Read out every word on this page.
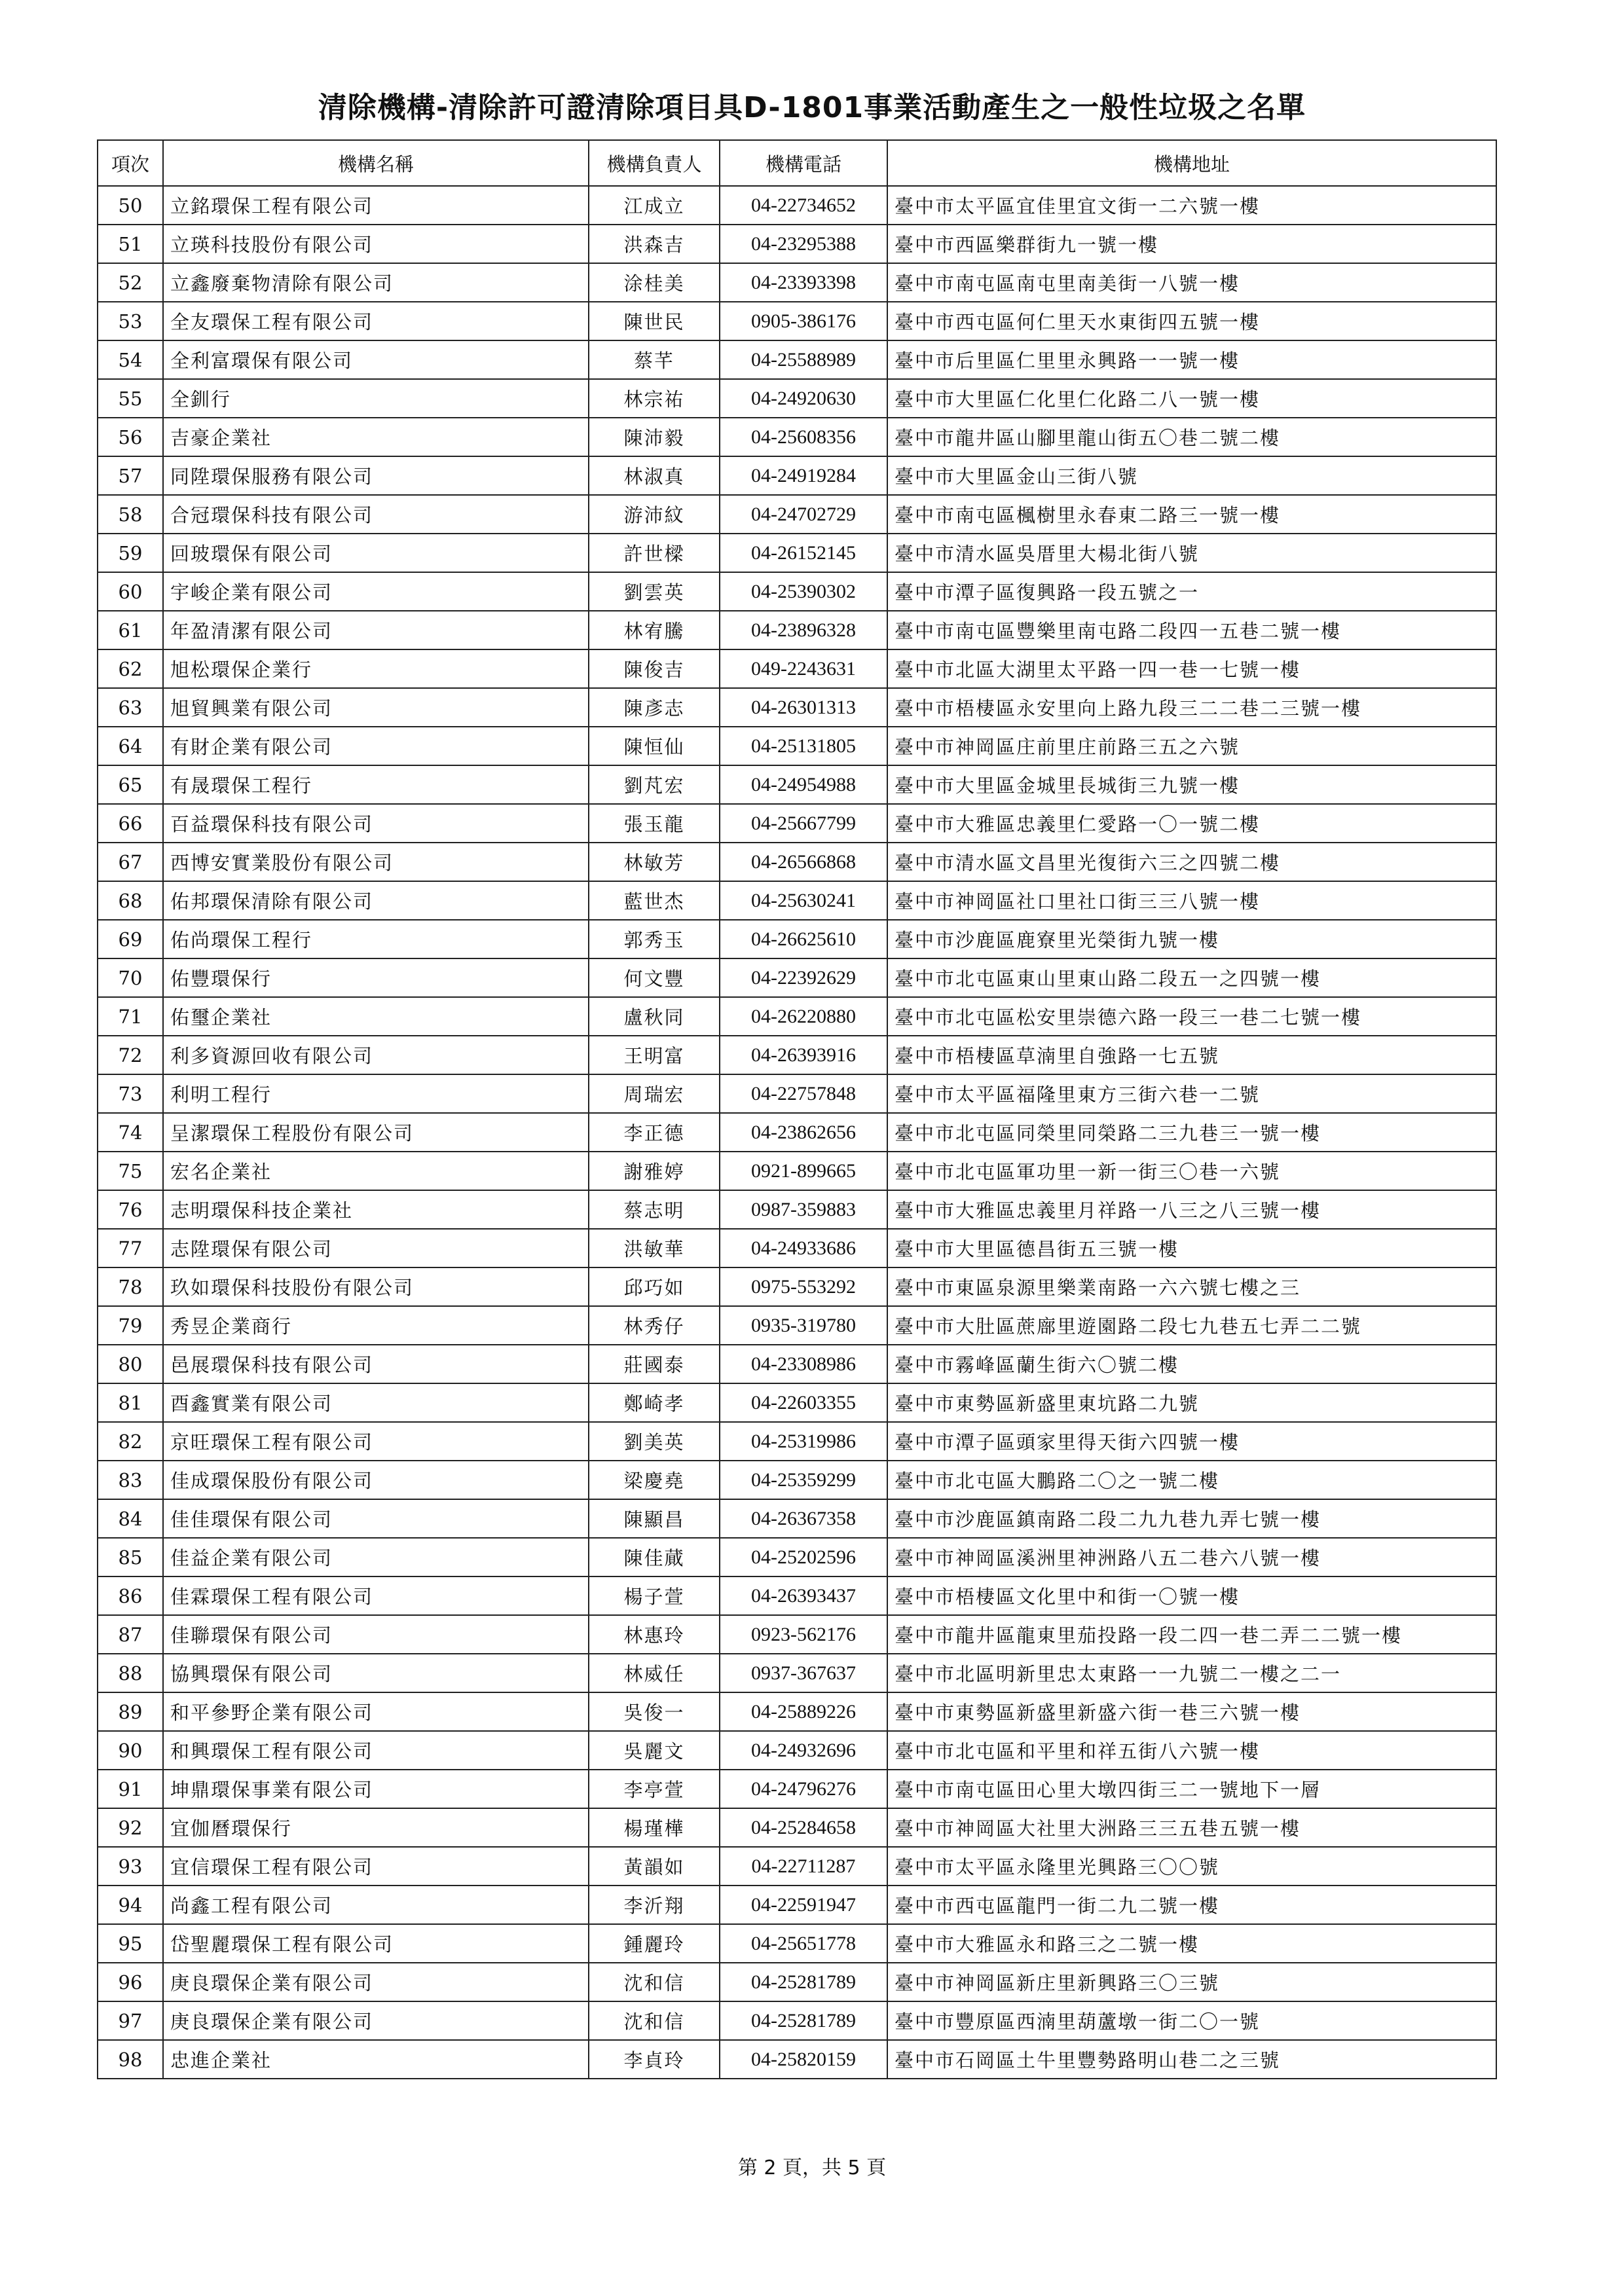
清除機構-清除許可證清除項目具D-1801事業活動產生之一般性垃圾之名單
項次	機構名稱	機構負責人	機構電話	機構地址
50	立銘環保工程有限公司	江成立	04-22734652	臺中市太平區宜佳里宜文街一二六號一樓
51	立瑛科技股份有限公司	洪森吉	04-23295388	臺中市西區樂群街九一號一樓
52	立鑫廢棄物清除有限公司	涂桂美	04-23393398	臺中市南屯區南屯里南美街一八號一樓
53	全友環保工程有限公司	陳世民	0905-386176	臺中市西屯區何仁里天水東街四五號一樓
54	全利富環保有限公司	蔡芊	04-25588989	臺中市后里區仁里里永興路一一號一樓
55	全釧行	林宗祐	04-24920630	臺中市大里區仁化里仁化路二八一號一樓
56	吉豪企業社	陳沛毅	04-25608356	臺中市龍井區山腳里龍山街五〇巷二號二樓
57	同陞環保服務有限公司	林淑真	04-24919284	臺中市大里區金山三街八號
58	合冠環保科技有限公司	游沛紋	04-24702729	臺中市南屯區楓樹里永春東二路三一號一樓
59	回玻環保有限公司	許世樑	04-26152145	臺中市清水區吳厝里大楊北街八號
60	宇峻企業有限公司	劉雲英	04-25390302	臺中市潭子區復興路一段五號之一
61	年盈清潔有限公司	林宥騰	04-23896328	臺中市南屯區豐樂里南屯路二段四一五巷二號一樓
62	旭松環保企業行	陳俊吉	049-2243631	臺中市北區大湖里太平路一四一巷一七號一樓
63	旭貿興業有限公司	陳彥志	04-26301313	臺中市梧棲區永安里向上路九段三二二巷二三號一樓
64	有財企業有限公司	陳恒仙	04-25131805	臺中市神岡區庄前里庄前路三五之六號
65	有晟環保工程行	劉芃宏	04-24954988	臺中市大里區金城里長城街三九號一樓
66	百益環保科技有限公司	張玉龍	04-25667799	臺中市大雅區忠義里仁愛路一〇一號二樓
67	西博安實業股份有限公司	林敏芳	04-26566868	臺中市清水區文昌里光復街六三之四號二樓
68	佑邦環保清除有限公司	藍世杰	04-25630241	臺中市神岡區社口里社口街三三八號一樓
69	佑尚環保工程行	郭秀玉	04-26625610	臺中市沙鹿區鹿寮里光榮街九號一樓
70	佑豐環保行	何文豐	04-22392629	臺中市北屯區東山里東山路二段五一之四號一樓
71	佑璽企業社	盧秋同	04-26220880	臺中市北屯區松安里崇德六路一段三一巷二七號一樓
72	利多資源回收有限公司	王明富	04-26393916	臺中市梧棲區草湳里自強路一七五號
73	利明工程行	周瑞宏	04-22757848	臺中市太平區福隆里東方三街六巷一二號
74	呈潔環保工程股份有限公司	李正德	04-23862656	臺中市北屯區同榮里同榮路二三九巷三一號一樓
75	宏名企業社	謝雅婷	0921-899665	臺中市北屯區軍功里一新一街三〇巷一六號
76	志明環保科技企業社	蔡志明	0987-359883	臺中市大雅區忠義里月祥路一八三之八三號一樓
77	志陞環保有限公司	洪敏華	04-24933686	臺中市大里區德昌街五三號一樓
78	玖如環保科技股份有限公司	邱巧如	0975-553292	臺中市東區泉源里樂業南路一六六號七樓之三
79	秀昱企業商行	林秀仔	0935-319780	臺中市大肚區蔗廍里遊園路二段七九巷五七弄二二號
80	邑展環保科技有限公司	莊國泰	04-23308986	臺中市霧峰區蘭生街六〇號二樓
81	酉鑫實業有限公司	鄭崎孝	04-22603355	臺中市東勢區新盛里東坑路二九號
82	京旺環保工程有限公司	劉美英	04-25319986	臺中市潭子區頭家里得天街六四號一樓
83	佳成環保股份有限公司	梁慶堯	04-25359299	臺中市北屯區大鵬路二〇之一號二樓
84	佳佳環保有限公司	陳顯昌	04-26367358	臺中市沙鹿區鎮南路二段二九九巷九弄七號一樓
85	佳益企業有限公司	陳佳蕆	04-25202596	臺中市神岡區溪洲里神洲路八五二巷六八號一樓
86	佳霖環保工程有限公司	楊子萱	04-26393437	臺中市梧棲區文化里中和街一〇號一樓
87	佳聯環保有限公司	林惠玲	0923-562176	臺中市龍井區龍東里茄投路一段二四一巷二弄二二號一樓
88	協興環保有限公司	林威任	0937-367637	臺中市北區明新里忠太東路一一九號二一樓之二一
89	和平參野企業有限公司	吳俊一	04-25889226	臺中市東勢區新盛里新盛六街一巷三六號一樓
90	和興環保工程有限公司	吳麗文	04-24932696	臺中市北屯區和平里和祥五街八六號一樓
91	坤鼎環保事業有限公司	李亭萱	04-24796276	臺中市南屯區田心里大墩四街三二一號地下一層
92	宜伽曆環保行	楊瑾樺	04-25284658	臺中市神岡區大社里大洲路三三五巷五號一樓
93	宜信環保工程有限公司	黃韻如	04-22711287	臺中市太平區永隆里光興路三〇〇號
94	尚鑫工程有限公司	李沂翔	04-22591947	臺中市西屯區龍門一街二九二號一樓
95	岱聖麗環保工程有限公司	鍾麗玲	04-25651778	臺中市大雅區永和路三之二號一樓
96	庚良環保企業有限公司	沈和信	04-25281789	臺中市神岡區新庄里新興路三〇三號
97	庚良環保企業有限公司	沈和信	04-25281789	臺中市豐原區西湳里葫蘆墩一街二〇一號
98	忠進企業社	李貞玲	04-25820159	臺中市石岡區土牛里豐勢路明山巷二之三號
第 2 頁，共 5 頁
